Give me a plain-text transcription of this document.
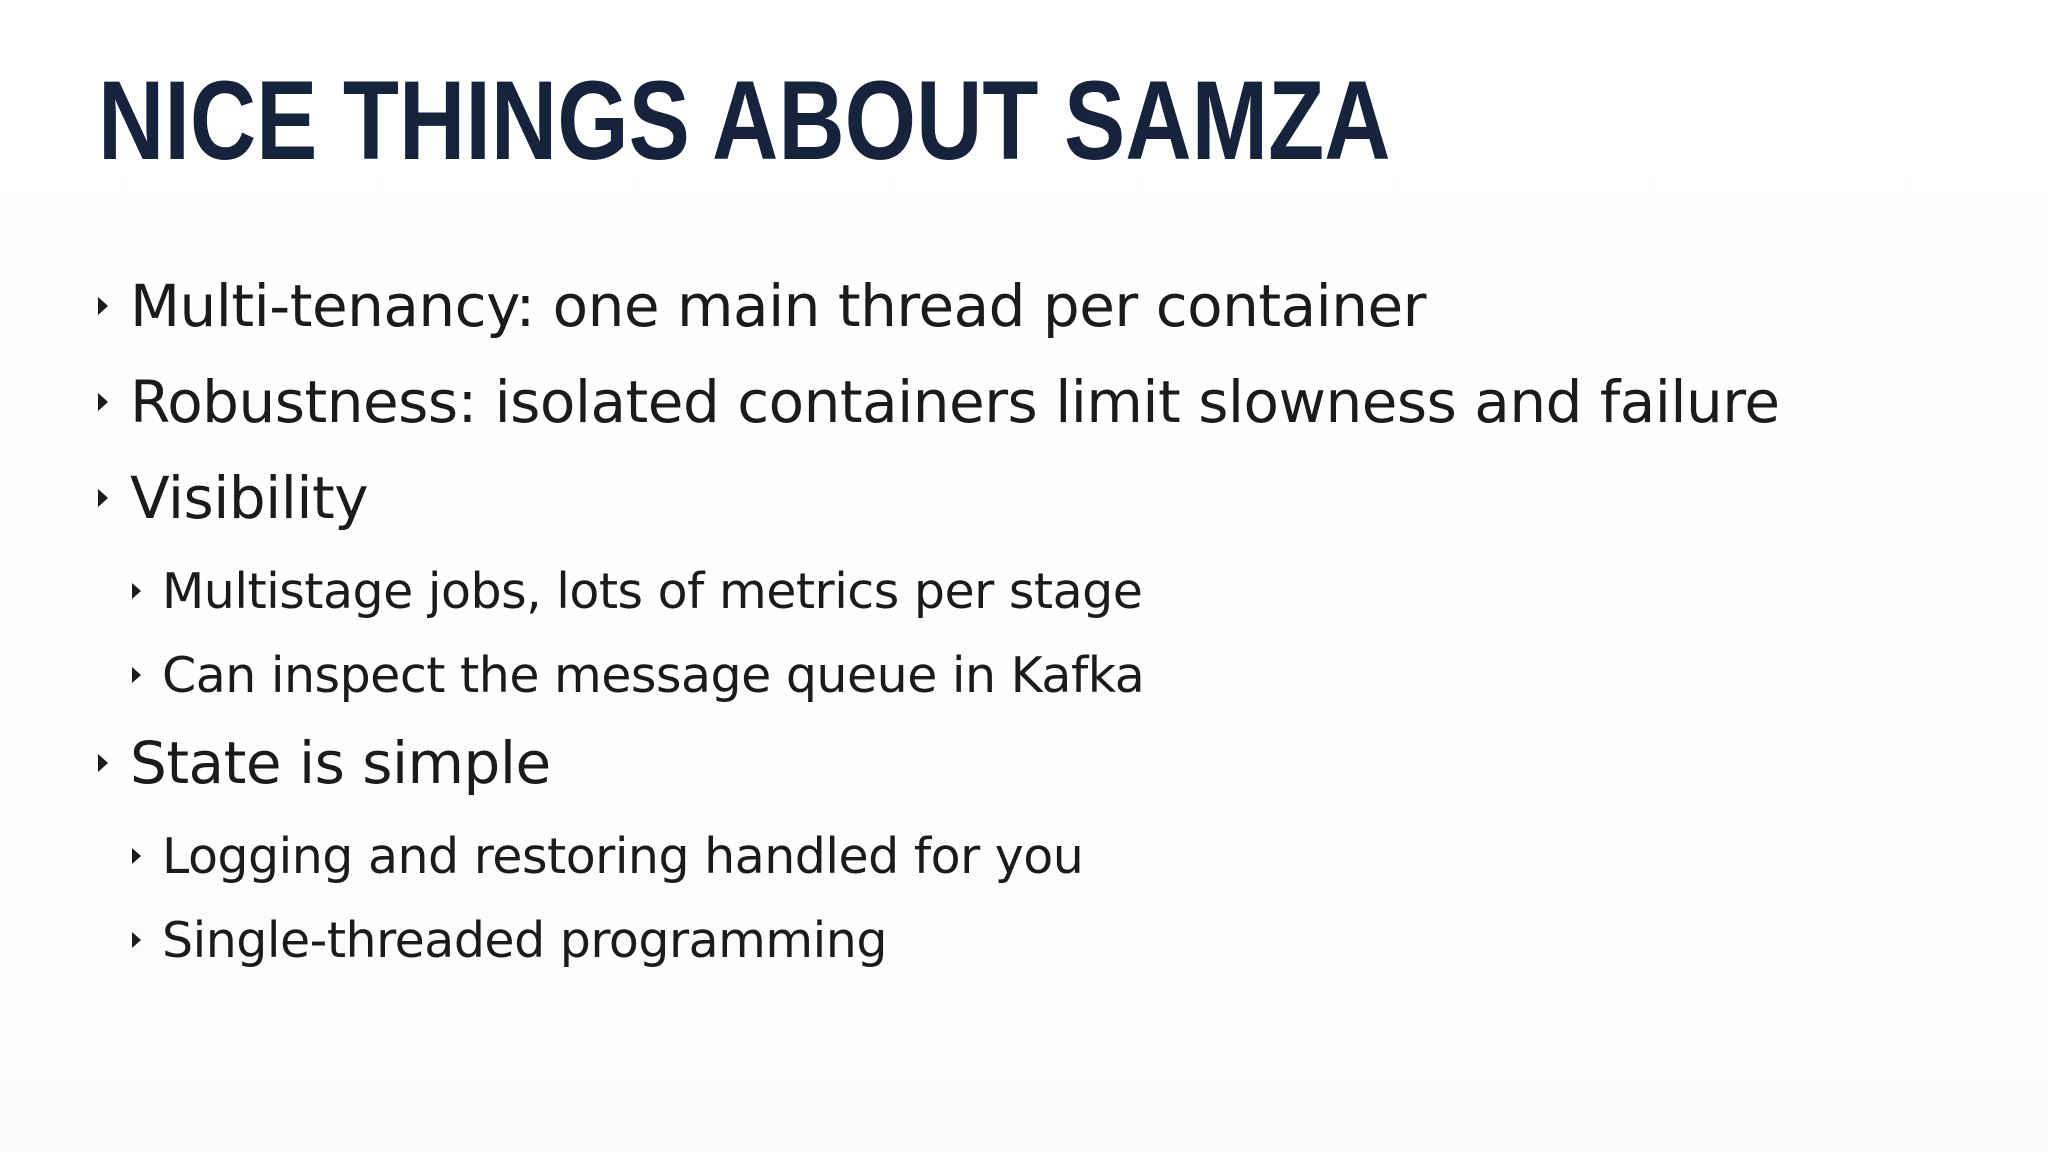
NICE THINGS ABOUT SAMZA
Multi-tenancy: one main thread per container
Robustness: isolated containers limit slowness and failure
Visibility
Multistage jobs, lots of metrics per stage
Can inspect the message queue in Kafka
State is simple
Logging and restoring handled for you
Single-threaded programming
